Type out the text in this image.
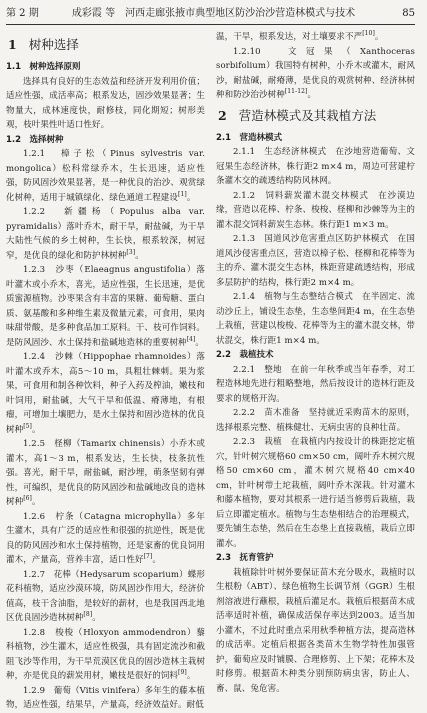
第 2 期	成彩霞 等　河西走廊张掖市典型地区防沙治沙营造林模式与技术	85
1 树种选择

1.1　树种选择原则

选择具有良好的生态效益和经济开发利用价值；适应性强，成活率高；根系发达，固沙效果显著；生物量大，成林速度快，耐修枝，同化期短；树形美观，枝叶果性叶适口性好。

1.2　选择树种

1.2.1　樟子松（Pinus sylvestris var. mongolica）松科常绿乔木，生长迅速，适应性强，防风固沙效果显著，是一种优良的治沙、观赏绿化树种，适用于城镇绿化、绿色通道工程建设[1]。

1.2.2　新疆杨（Populus alba var. pyramidalis）落叶乔木，耐干旱，耐盐碱，为干旱大陆性气候的乡土树种，生长快，根系较深，树冠窄，是优良的绿化和防护林树种[3]。

1.2.3　沙枣（Elaeagnus angustifolia）落叶灌木或小乔木，喜光，适应性强，生长迅速，是优质蜜源植物。沙枣果含有丰富的果糖、葡萄糖、蛋白质、氨基酸和多种维生素及微量元素，可食用，果肉味甜带酸，是多种食品加工原料。干、枝可作饲料。是防风固沙、水土保持和盐碱地造林的重要树种[4]。

1.2.4　沙棘（Hippophae rhamnoides）落叶灌木或乔木，高5～10 m，具粗壮棘刺。果为浆果，可食用和制各种饮料，种子入药及榨油，嫩枝和叶饲用，耐盐碱，大气干旱和低温、瘠薄地，有根瘤，可增加土壤肥力，是水土保持和固沙造林的优良树种[5]。

1.2.5　柽柳（Tamarix chinensis）小乔木或灌木，高1～3 m，根系发达，生长快，枝条抗性强。喜光，耐干旱，耐盐碱，耐沙埋，萌条坚韧有弹性，可编织，是优良的防风固沙和盐碱地改良的造林树种[6]。

1.2.6　柠条（Catagna microphylla）多年生灌木，具有广泛的适应性和很强的抗逆性，既是优良的防风固沙和水土保持植物，还是家畜的优良饲用灌木，产量高，营养丰富，适口性好[7]。

1.2.7　花棒（Hedysarum scoparium）蝶形花科植物，适应沙漠环境，防风固沙作用大，经济价值高，枝干含油脂，是较好的薪材，也是我国西北地区优良固沙造林树种[8]。

1.2.8　梭梭（Hloxyon ammodendron）藜科植物，沙生灌木，适应性极强，具有固定流沙和截阻飞沙等作用，为干旱荒漠区优良的固沙造林主栽树种，亦是优良的薪炭用材，嫩枝是很好的饲料[9]。

1.2.9　葡萄（Vitis vinifera）多年生的藤本植物，适应性强，结果早，产量高，经济效益好。耐低

温，干旱，根系发达，对土壤要求不严[10]。

1.2.10　文冠果（Xanthoceras sorbifolium）我国特有树种，小乔木或灌木，耐风沙，耐盐碱，耐瘠薄，是优良的观赏树种、经济林树种和防沙治沙树种[11-12]。

2 营造林模式及其栽植方法

2.1　营造林模式

2.1.1　生态经济林模式　在沙地营造葡萄、文冠果生态经济林，株行距2 m×4 m，周边可营建柠条灌木交的疏透结构防风林网。

2.1.2　饲料薪炭灌木混交林模式　在沙漠边缘，营造以花棒、柠条、梭梭、柽柳和沙棘等为主的灌木混交饲料薪炭生态林。株行距1 m×3 m。

2.1.3　国道风沙危害重点区防护林模式　在国道风沙侵害重点区，营造以樟子松、柽柳和花棒等为主的乔、灌木混交生态林，株距营建疏透结构，形成多层防护的结构，株行距2 m×4 m。

2.1.4　植物与生态整结合模式　在半固定、流动沙丘上，铺设生态垫，生态垫间距4 m，在生态垫上栽植，营建以梭梭、花棒等为主的灌木混交林，带状混交，株行距1 m×4 m。

2.2　栽植技术

2.2.1　整地　在前一年秋季或当年春季，对工程造林地先进行粗略整地，然后按设计的造林行距及要求的规格开沟。

2.2.2　苗木准备　坚持就近采购苗木的原则，选择根系完整、植株健壮、无病虫害的良种壮苗。

2.2.3　栽植　在栽植内内按设计的株距挖定植穴，针叶树穴规格60 cm×50 cm，阔叶乔木树穴规格50 cm×60 cm，灌木树穴规格40 cm×40 cm，针叶树带土坨栽植，阔叶乔木深栽。针对灌木和藤本植物，要对其根系一进行适当修剪后栽植，栽后立即灌定植水。植物与生态垫相结合的治理模式，要先铺生态垫，然后在生态垫上直接栽植，栽后立即灌水。

2.3　抚育管护

栽植除针叶树外要保证苗木充分吸水，栽植时以生根粉（ABT）、绿色植物生长调节剂（GGR）生根剂溶液进行蘸根，栽植后灌足水。栽植后根据苗木成活率适时补植，确保成活保存率达到2003。适当加小灌木，不过此时重点采用秋季种植方法，提高造林的成活率。定植后根据各类苗木生物学特性加强管护，葡萄应及时铺膜、合理修剪、上下架；花棒木及时修剪。根据苗木种类分别预防病虫害，防止人、畜、鼠、兔危害。
